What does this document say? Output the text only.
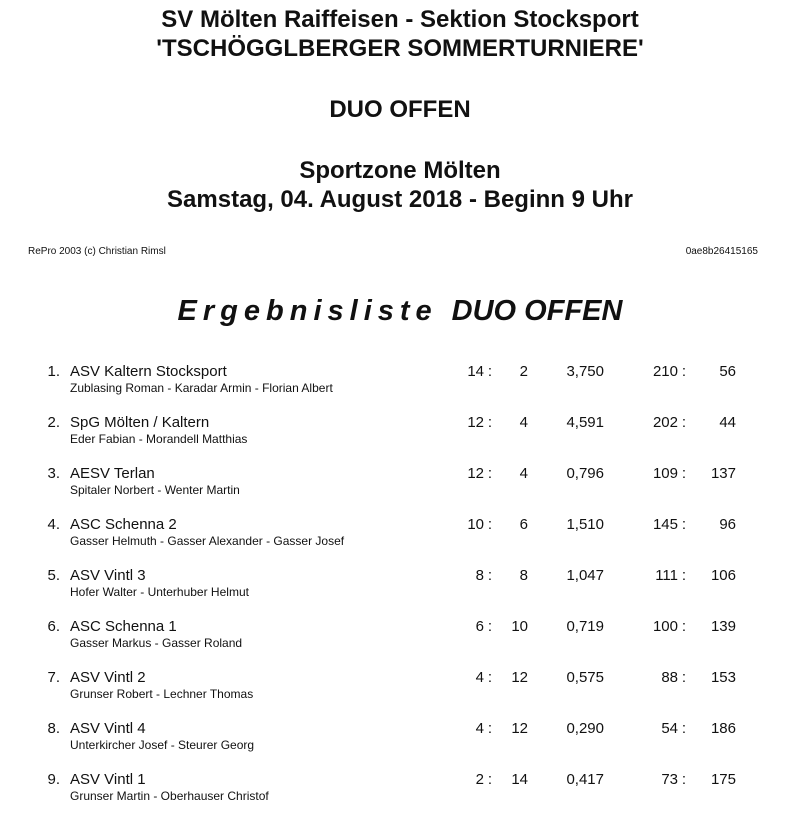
SV Mölten Raiffeisen - Sektion Stocksport
'TSCHÖGGLBERGER SOMMERTURNIERE'
DUO OFFEN
Sportzone Mölten
Samstag, 04. August 2018 - Beginn 9 Uhr
RePro 2003 (c) Christian Rimsl	0ae8b26415165
Ergebnisliste DUO OFFEN
1. ASV Kaltern Stocksport
Zublasing Roman - Karadar Armin - Florian Albert
14 :	2	3,750	210 :	56
2. SpG Mölten / Kaltern
Eder Fabian - Morandell Matthias
12 :	4	4,591	202 :	44
3. AESV Terlan
Spitaler Norbert - Wenter Martin
12 :	4	0,796	109 :	137
4. ASC Schenna 2
Gasser Helmuth - Gasser Alexander - Gasser Josef
10 :	6	1,510	145 :	96
5. ASV Vintl 3
Hofer Walter - Unterhuber Helmut
8 :	8	1,047	111 :	106
6. ASC Schenna 1
Gasser Markus - Gasser Roland
6 :	10	0,719	100 :	139
7. ASV Vintl 2
Grunser Robert - Lechner Thomas
4 :	12	0,575	88 :	153
8. ASV Vintl 4
Unterkircher Josef - Steurer Georg
4 :	12	0,290	54 :	186
9. ASV Vintl 1
Grunser Martin - Oberhauser Christof
2 :	14	0,417	73 :	175
